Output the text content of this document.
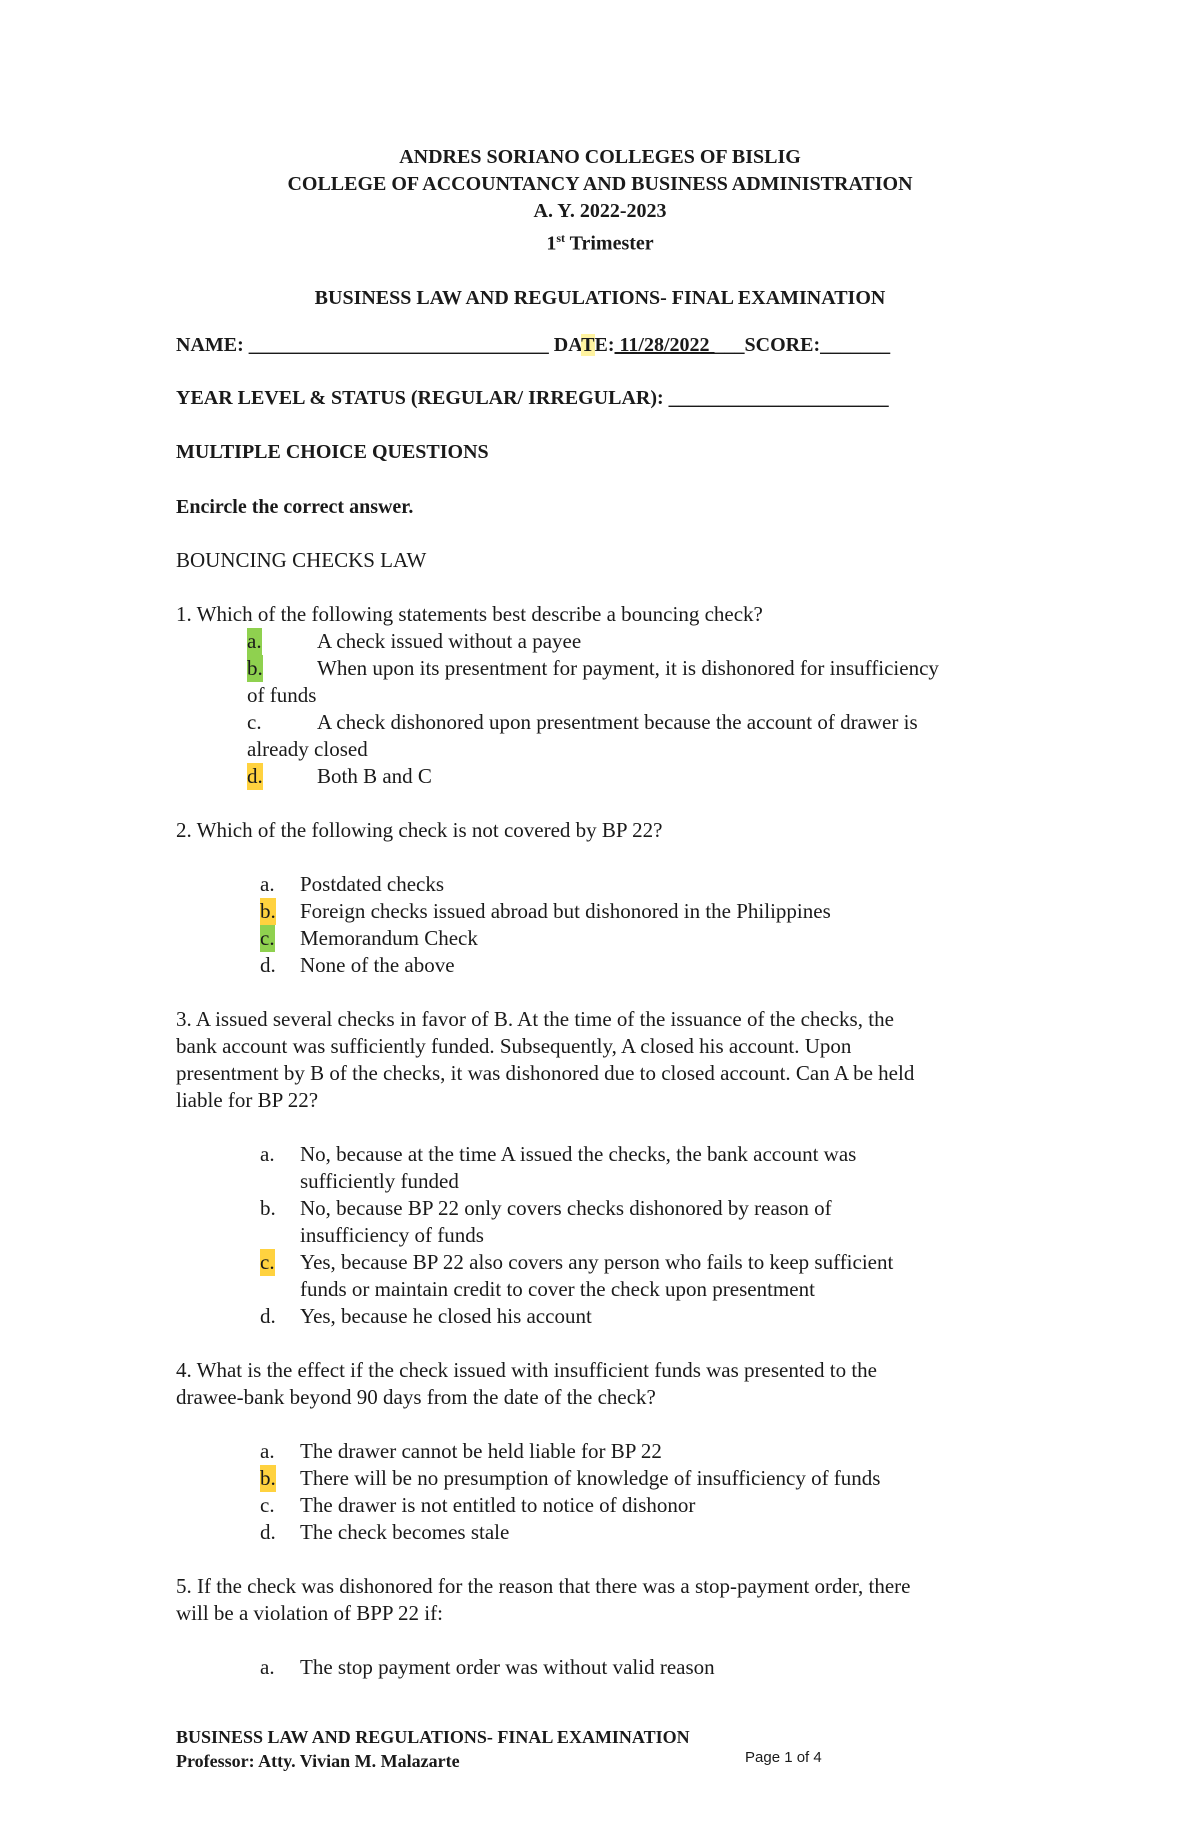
ANDRES SORIANO COLLEGES OF BISLIG
COLLEGE OF ACCOUNTANCY AND BUSINESS ADMINISTRATION
A. Y. 2022-2023
1st Trimester
BUSINESS LAW AND REGULATIONS- FINAL EXAMINATION
NAME: ______________________________ DATE: 11/28/2022 ___SCORE:_______
YEAR LEVEL & STATUS (REGULAR/ IRREGULAR): ______________________
MULTIPLE CHOICE QUESTIONS
Encircle the correct answer.
BOUNCING CHECKS LAW
1. Which of the following statements best describe a bouncing check?
a.	A check issued without a payee
b.	When upon its presentment for payment, it is dishonored for insufficiency
of funds
c.	A check dishonored upon presentment because the account of drawer is
already closed
d.	Both B and C
2. Which of the following check is not covered by BP 22?
a. Postdated checks
b. Foreign checks issued abroad but dishonored in the Philippines
c. Memorandum Check
d. None of the above
3. A issued several checks in favor of B. At the time of the issuance of the checks, the
bank account was sufficiently funded. Subsequently, A closed his account. Upon
presentment by B of the checks, it was dishonored due to closed account. Can A be held
liable for BP 22?
a. No, because at the time A issued the checks, the bank account was
sufficiently funded
b. No, because BP 22 only covers checks dishonored by reason of
insufficiency of funds
c. Yes, because BP 22 also covers any person who fails to keep sufficient
funds or maintain credit to cover the check upon presentment
d. Yes, because he closed his account
4. What is the effect if the check issued with insufficient funds was presented to the
drawee-bank beyond 90 days from the date of the check?
a. The drawer cannot be held liable for BP 22
b. There will be no presumption of knowledge of insufficiency of funds
c. The drawer is not entitled to notice of dishonor
d. The check becomes stale
5. If the check was dishonored for the reason that there was a stop-payment order, there
will be a violation of BPP 22 if:
a. The stop payment order was without valid reason
BUSINESS LAW AND REGULATIONS- FINAL EXAMINATION
Professor: Atty. Vivian M. Malazarte	Page 1 of 4
